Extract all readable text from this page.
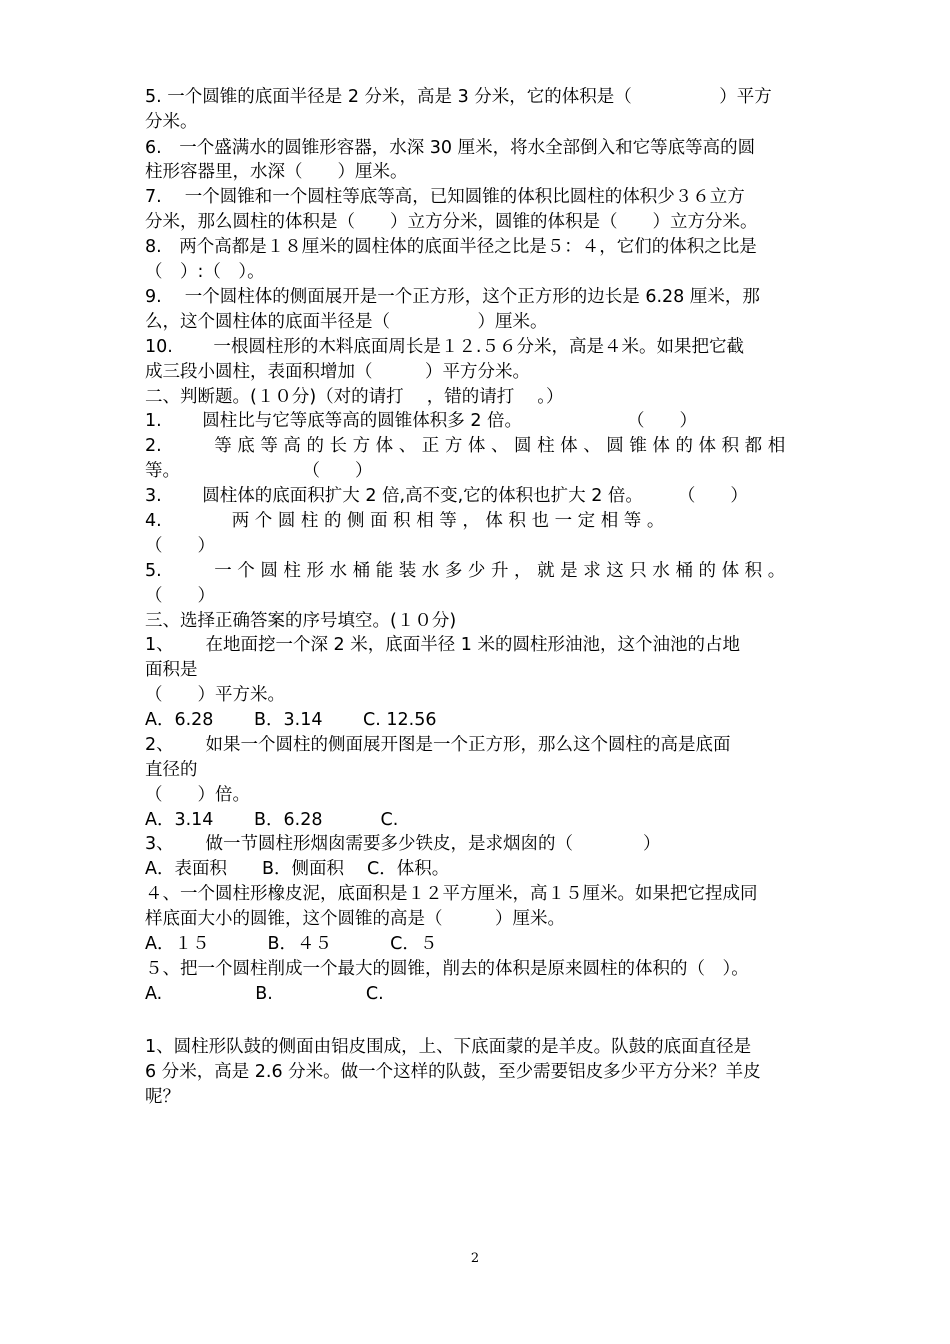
5. 一个圆锥的底面半径是 2 分米，高是 3 分米，它的体积是（　　　　　）平方
分米。
6.　一个盛满水的圆锥形容器，水深 30 厘米，将水全部倒入和它等底等高的圆
柱形容器里，水深（　　）厘米。
7.　 一个圆锥和一个圆柱等底等高，已知圆锥的体积比圆柱的体积少３６立方
分米，那么圆柱的体积是（　　）立方分米，圆锥的体积是（　　）立方分米。
8.　两个高都是１８厘米的圆柱体的底面半径之比是５：４，它们的体积之比是
（　）:（　）。
9.　 一个圆柱体的侧面展开是一个正方形，这个正方形的边长是 6.28 厘米，那
么，这个圆柱体的底面半径是（　　　　　）厘米。
10.　　 一根圆柱形的木料底面周长是１２.５６分米，高是４米。如果把它截
成三段小圆柱，表面积增加（　　　）平方分米。
二、判断题。(１０分)（对的请打　 ，错的请打　 。）
1.　　 圆柱比与它等底等高的圆锥体积多 2 倍。　　　　　　　（　　）
2.　　　等 底 等 高 的 长 方 体 、 正 方 体 、 圆 柱 体 、 圆 锥 体 的 体 积 都 相
等。　　　　　　　　（　　）
3.　　 圆柱体的底面积扩大 2 倍,高不变,它的体积也扩大 2 倍。　　　（　　）
4.　　　　两 个 圆 柱 的 侧 面 积 相 等 ， 体 积 也 一 定 相 等 。
（　　）
5.　　　一 个 圆 柱 形 水 桶 能 装 水 多 少 升 ， 就 是 求 这 只 水 桶 的 体 积 。
（　　）
三、选择正确答案的序号填空。(１０分)
1、　　 在地面挖一个深 2 米，底面半径 1 米的圆柱形油池，这个油池的占地
面积是
（　　）平方米。
A．6.28　　 B．3.14　　 C. 12.56
2、　　 如果一个圆柱的侧面展开图是一个正方形，那么这个圆柱的高是底面
直径的
（　　）倍。
A．3.14　　 B．6.28　　　 C.
3、　　 做一节圆柱形烟囱需要多少铁皮，是求烟囱的（　　　　）
A．表面积　　B．侧面积　 C．体积。
４、一个圆柱形橡皮泥，底面积是１２平方厘米，高１５厘米。如果把它捏成同
样底面大小的圆锥，这个圆锥的高是（　　　）厘米。
A．１５　　　 B．４５　　　 C．５
５、把一个圆柱削成一个最大的圆锥，削去的体积是原来圆柱的体积的（　）。
A.　　　　　 B.　　　　　 C.
1、圆柱形队鼓的侧面由铝皮围成，上、下底面蒙的是羊皮。队鼓的底面直径是
6 分米，高是 2.6 分米。做一个这样的队鼓，至少需要铝皮多少平方分米？羊皮
呢？
2
